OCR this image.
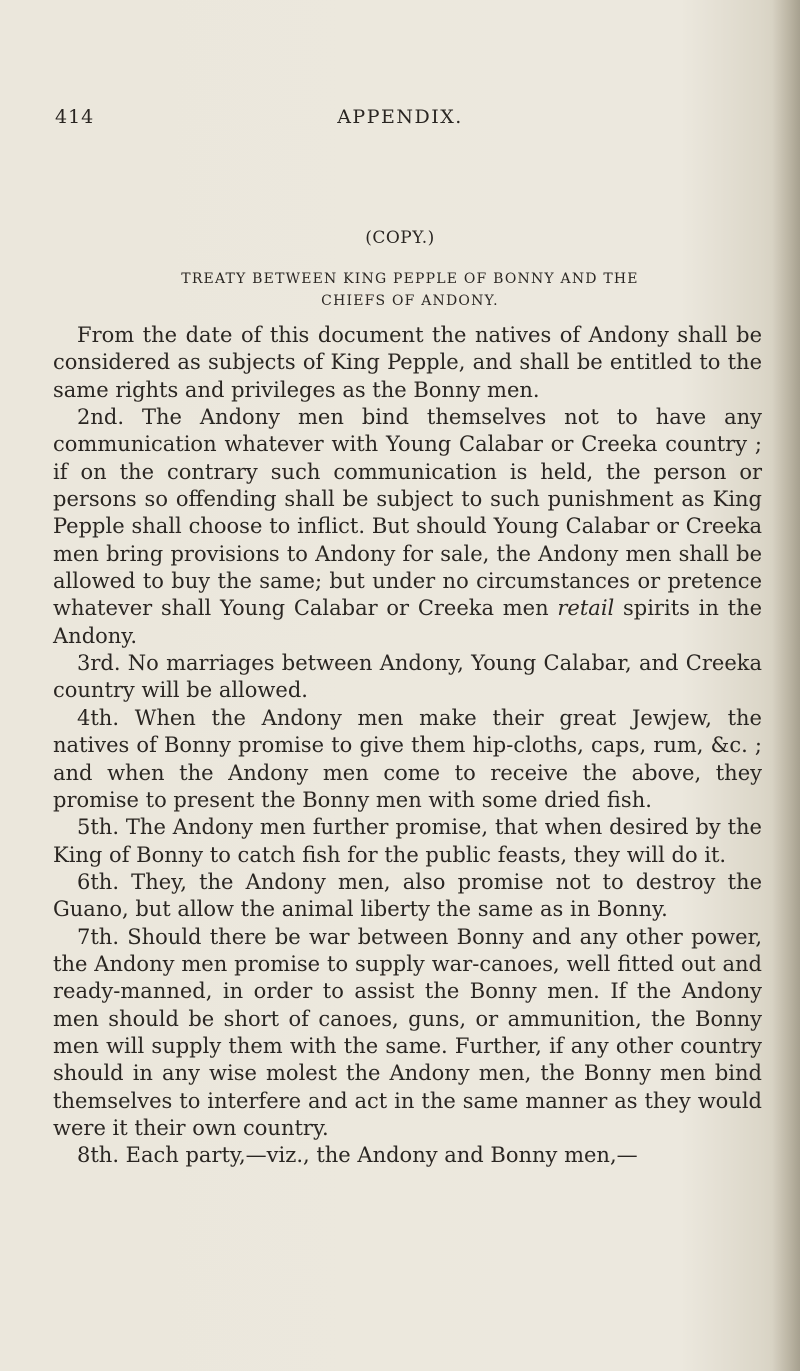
414	APPENDIX.
(COPY.)
TREATY BETWEEN KING PEPPLE OF BONNY AND THE
CHIEFS OF ANDONY.

From the date of this document the natives of Andony shall be considered as subjects of King Pepple, and shall be entitled to the same rights and privileges as the Bonny men.

2nd. The Andony men bind themselves not to have any communication whatever with Young Calabar or Creeka country ; if on the contrary such communication is held, the person or persons so offending shall be subject to such punishment as King Pepple shall choose to inflict. But should Young Calabar or Creeka men bring provisions to Andony for sale, the Andony men shall be allowed to buy the same; but under no circumstances or pretence whatever shall Young Calabar or Creeka men retail spirits in the Andony.

3rd. No marriages between Andony, Young Calabar, and Creeka country will be allowed.

4th. When the Andony men make their great Jewjew, the natives of Bonny promise to give them hip-cloths, caps, rum, &c. ; and when the Andony men come to receive the above, they promise to present the Bonny men with some dried fish.

5th. The Andony men further promise, that when desired by the King of Bonny to catch fish for the public feasts, they will do it.

6th. They, the Andony men, also promise not to destroy the Guano, but allow the animal liberty the same as in Bonny.

7th. Should there be war between Bonny and any other power, the Andony men promise to supply war-canoes, well fitted out and ready-manned, in order to assist the Bonny men. If the Andony men should be short of canoes, guns, or ammunition, the Bonny men will supply them with the same. Further, if any other country should in any wise molest the Andony men, the Bonny men bind themselves to interfere and act in the same manner as they would were it their own country.

8th. Each party,—viz., the Andony and Bonny men,—
